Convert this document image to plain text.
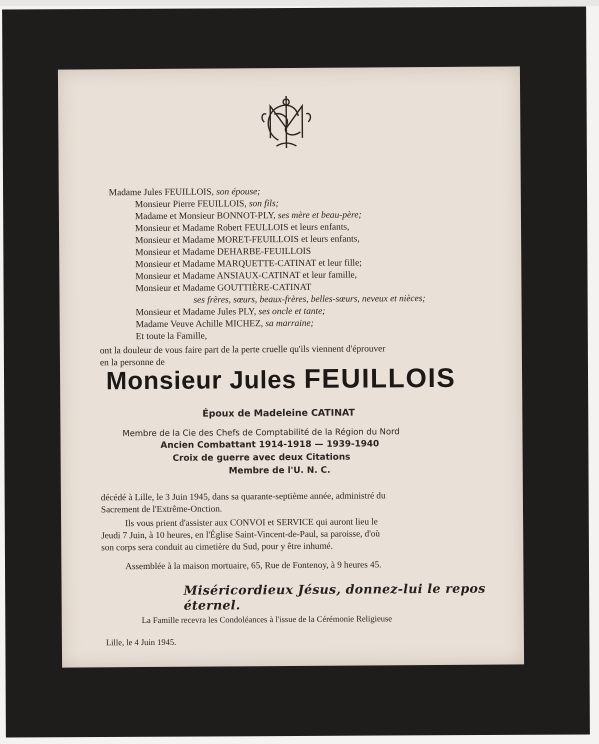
Madame Jules FEUILLOIS, son épouse;
Monsieur Pierre FEUILLOIS, son fils;
Madame et Monsieur BONNOT-PLY, ses mère et beau-père;
Monsieur et Madame Robert FEULLOIS et leurs enfants,
Monsieur et Madame MORET-FEUILLOIS et leurs enfants,
Monsieur et Madame DEHARBE-FEUILLOIS
Monsieur et Madame MARQUETTE-CATINAT et leur fille;
Monsieur et Madame ANSIAUX-CATINAT et leur famille,
Monsieur et Madame GOUTTIÈRE-CATINAT
ses frères, sœurs, beaux-frères, belles-sœurs, neveux et nièces;
Monsieur et Madame Jules PLY, ses oncle et tante;
Madame Veuve Achille MICHEZ, sa marraine;
Et toute la Famille,
ont la douleur de vous faire part de la perte cruelle qu'ils viennent d'éprouver
en la personne de
Monsieur Jules FEUILLOIS
Époux de Madeleine CATINAT
Membre de la Cie des Chefs de Comptabilité de la Région du Nord
Ancien Combattant 1914-1918 — 1939-1940
Croix de guerre avec deux Citations
Membre de l'U. N. C.
décédé à Lille, le 3 Juin 1945, dans sa quarante-septième année, administré du
Sacrement de l'Extrême-Onction.
Ils vous prient d'assister aux CONVOI et SERVICE qui auront lieu le
Jeudi 7 Juin, à 10 heures, en l'Église Saint-Vincent-de-Paul, sa paroisse, d'où
son corps sera conduit au cimetière du Sud, pour y être inhumé.
Assemblée à la maison mortuaire, 65, Rue de Fontenoy, à 9 heures 45.
Miséricordieux Jésus, donnez-lui le repos éternel.
La Famille recevra les Condoléances à l'issue de la Cérémonie Religieuse
Lille, le 4 Juin 1945.
